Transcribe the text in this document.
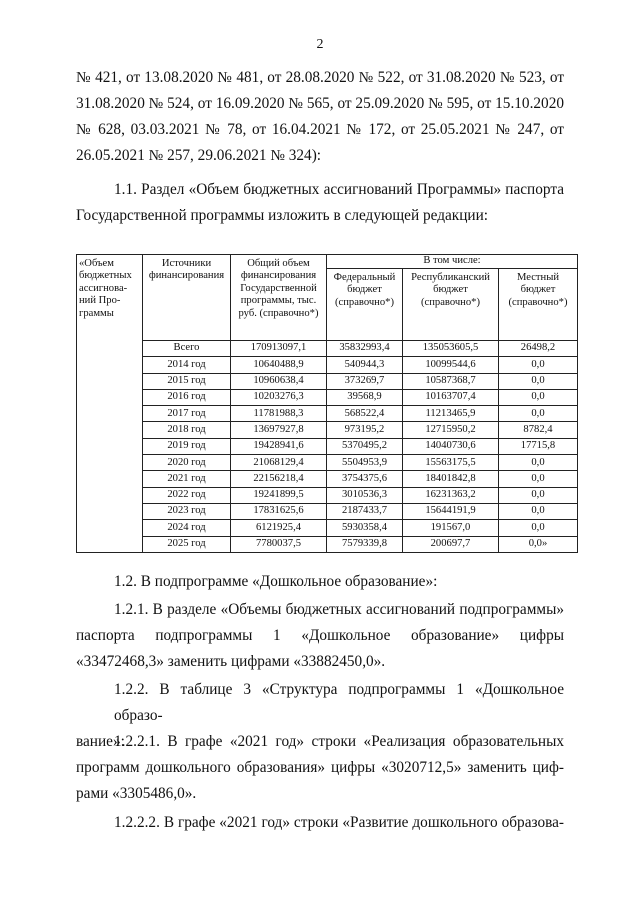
2
№ 421, от 13.08.2020 № 481, от 28.08.2020 № 522, от 31.08.2020 № 523, от
31.08.2020 № 524, от 16.09.2020 № 565, от 25.09.2020 № 595, от 15.10.2020
№ 628, 03.03.2021 № 78, от 16.04.2021 № 172, от 25.05.2021 № 247, от
26.05.2021 № 257, 29.06.2021 № 324):
1.1. Раздел «Объем бюджетных ассигнований Программы» паспорта
Государственной программы изложить в следующей редакции:
«Объем бюджетных ассигнова-ний Про-граммы	Источники финансирования	Общий объем финансирования Государственной программы, тыс. руб. (справочно*)	В том числе:		
			Федеральный бюджет (справочно*)	Республиканский бюджет (справочно*)	Местный бюджет (справочно*)
	Всего	170913097,1	35832993,4	135053605,5	26498,2
	2014 год	10640488,9	540944,3	10099544,6	0,0
	2015 год	10960638,4	373269,7	10587368,7	0,0
	2016 год	10203276,3	39568,9	10163707,4	0,0
	2017 год	11781988,3	568522,4	11213465,9	0,0
	2018 год	13697927,8	973195,2	12715950,2	8782,4
	2019 год	19428941,6	5370495,2	14040730,6	17715,8
	2020 год	21068129,4	5504953,9	15563175,5	0,0
	2021 год	22156218,4	3754375,6	18401842,8	0,0
	2022 год	19241899,5	3010536,3	16231363,2	0,0
	2023 год	17831625,6	2187433,7	15644191,9	0,0
	2024 год	6121925,4	5930358,4	191567,0	0,0
	2025 год	7780037,5	7579339,8	200697,7	0,0»
1.2. В подпрограмме «Дошкольное образование»:
1.2.1. В разделе «Объемы бюджетных ассигнований подпрограммы»
паспорта подпрограммы 1 «Дошкольное образование» цифры
«33472468,3» заменить цифрами «33882450,0».
1.2.2. В таблице 3 «Структура подпрограммы 1 «Дошкольное образо-
вание»:
1.2.2.1. В графе «2021 год» строки «Реализация образовательных
программ дошкольного образования» цифры «3020712,5» заменить циф-
рами «3305486,0».
1.2.2.2. В графе «2021 год» строки «Развитие дошкольного образова-
